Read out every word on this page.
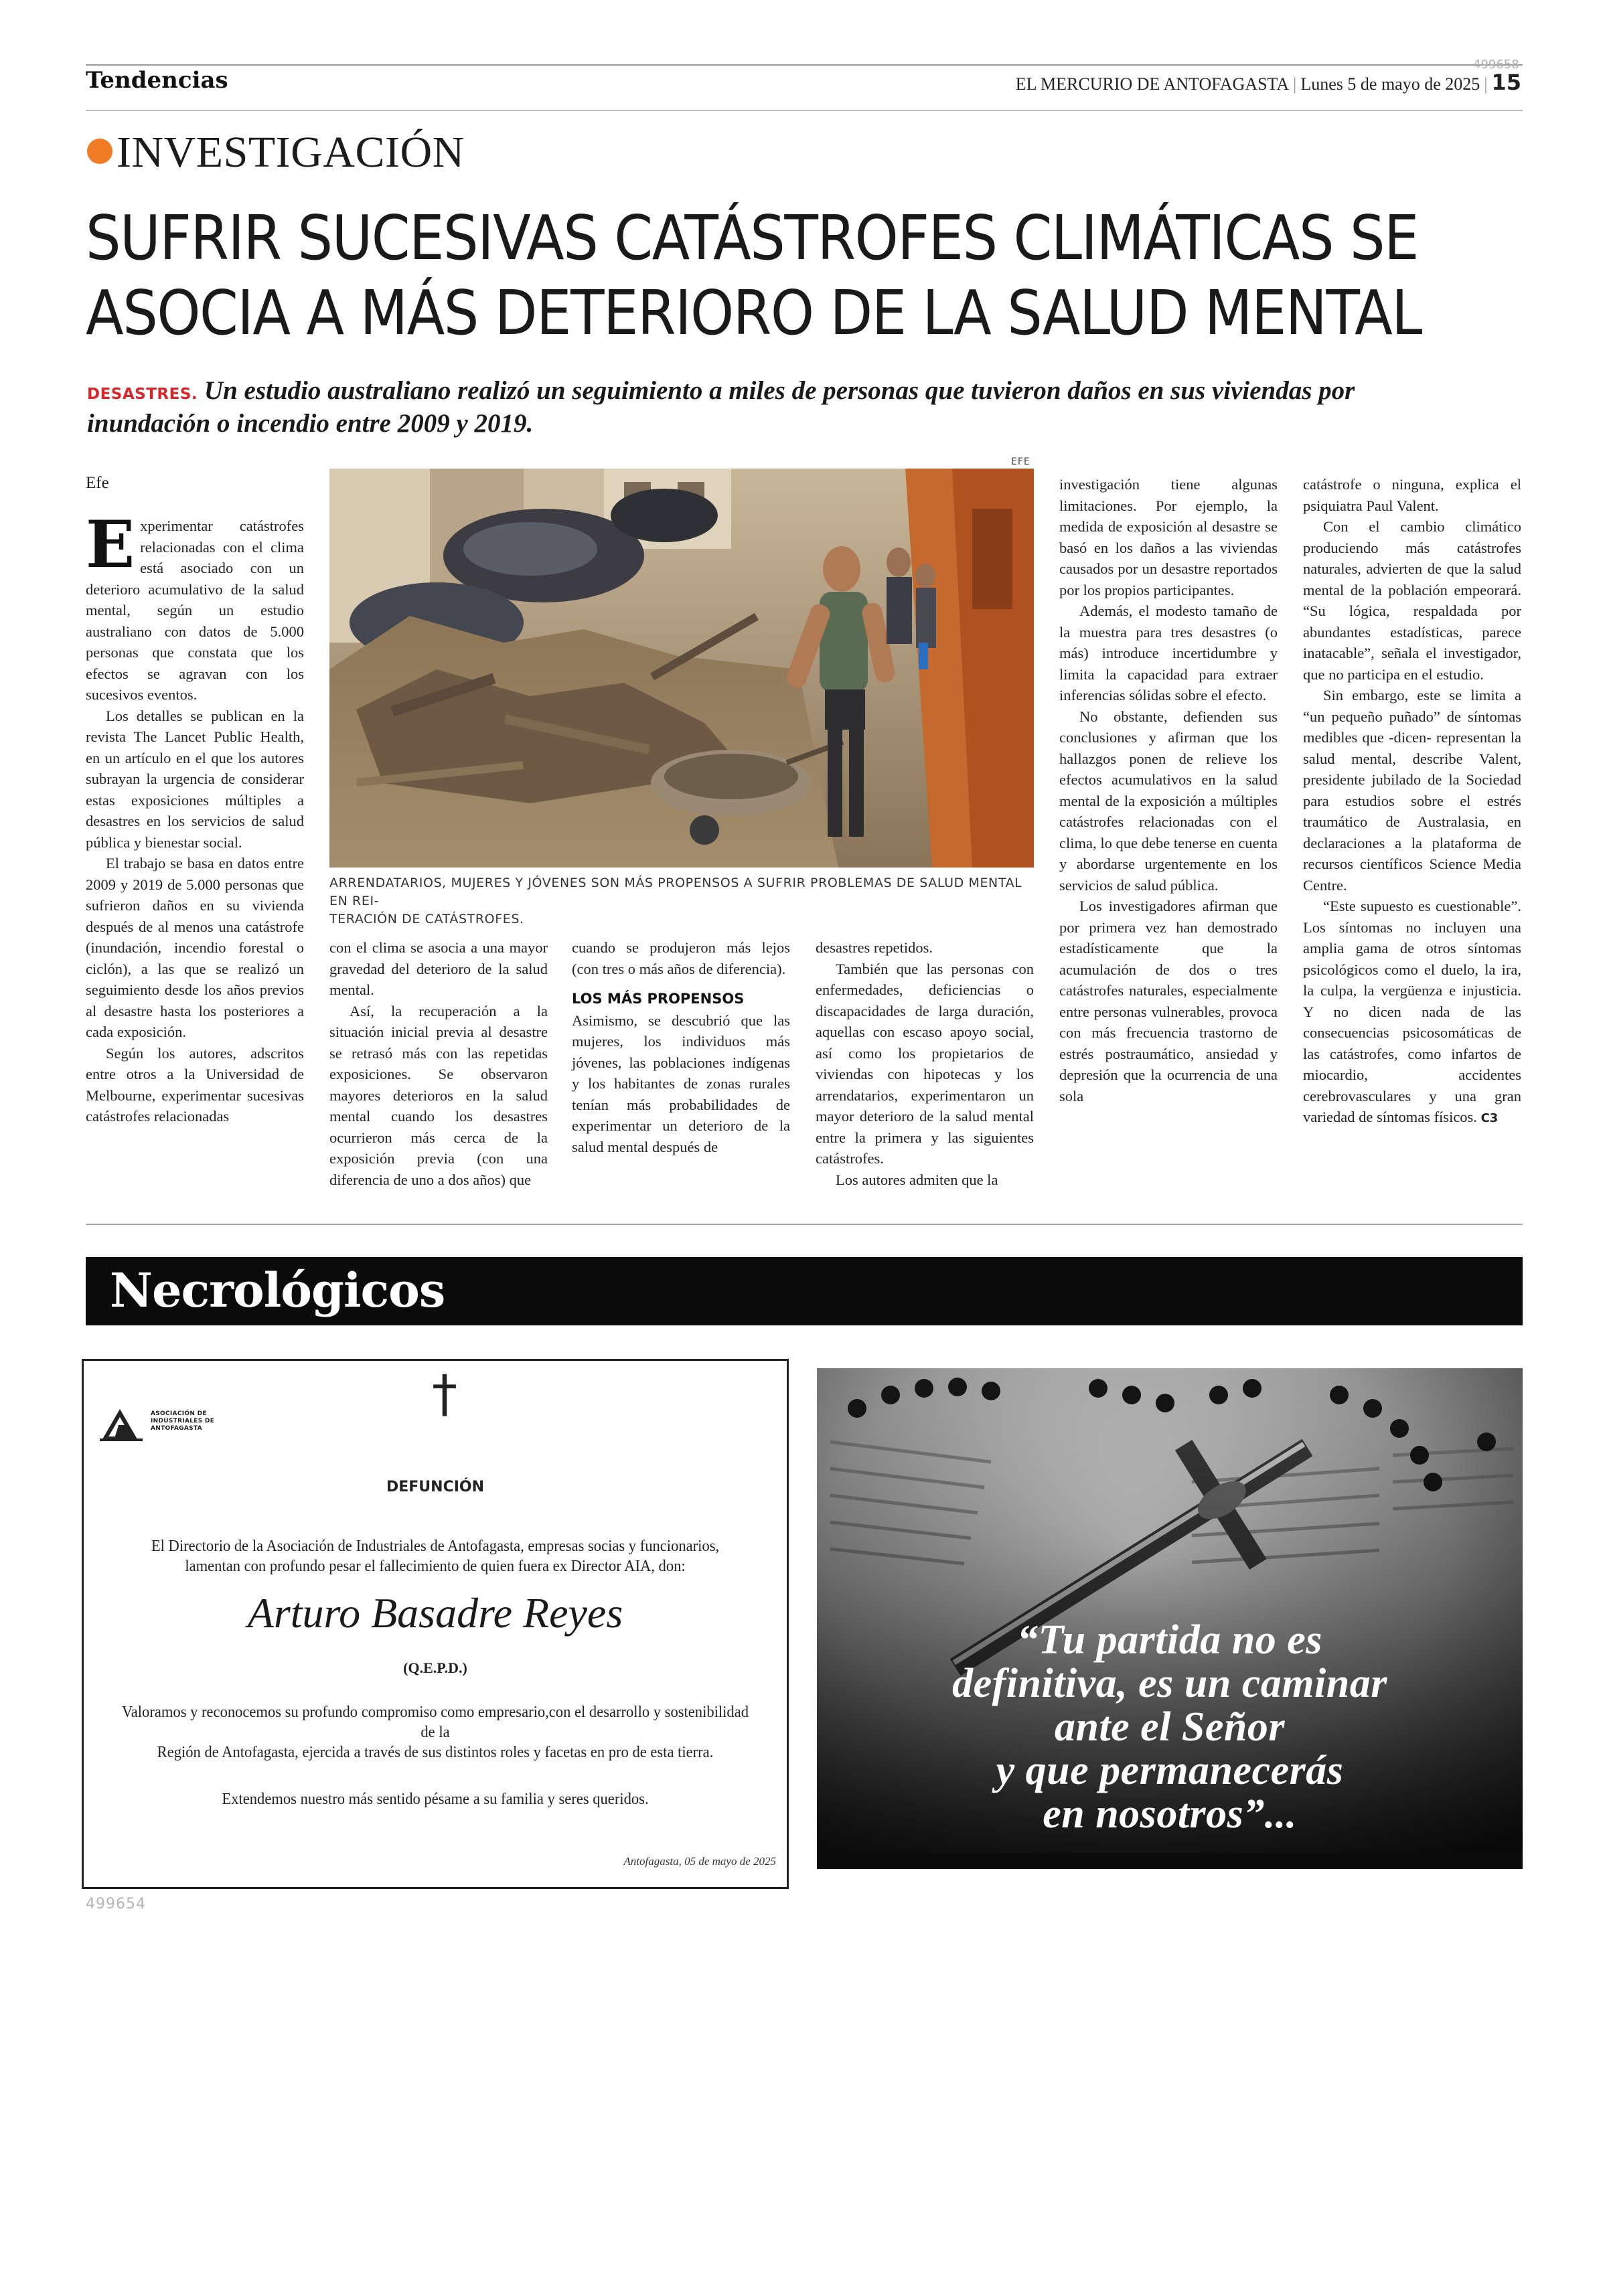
Tendencias
499658
EL MERCURIO DE ANTOFAGASTA | Lunes 5 de mayo de 2025 | 15
INVESTIGACIÓN
SUFRIR SUCESIVAS CATÁSTROFES CLIMÁTICAS SE
ASOCIA A MÁS DETERIORO DE LA SALUD MENTAL
DESASTRES. Un estudio australiano realizó un seguimiento a miles de personas que tuvieron daños en sus viviendas por
inundación o incendio entre 2009 y 2019.
EFE
ARRENDATARIOS, MUJERES Y JÓVENES SON MÁS PROPENSOS A SUFRIR PROBLEMAS DE SALUD MENTAL EN REI-
TERACIÓN DE CATÁSTROFES.
Efe

Experimentar catástrofes relacionadas con el clima está asociado con un deterioro acumulativo de la salud mental, según un estudio australiano con datos de 5.000 personas que constata que los efectos se agravan con los sucesivos eventos.

Los detalles se publican en la revista The Lancet Public Health, en un artículo en el que los autores subrayan la urgencia de considerar estas exposiciones múltiples a desastres en los servicios de salud pública y bienestar social.

El trabajo se basa en datos entre 2009 y 2019 de 5.000 personas que sufrieron daños en su vivienda después de al menos una catástrofe (inundación, incendio forestal o ciclón), a las que se realizó un seguimiento desde los años previos al desastre hasta los posteriores a cada exposición.

Según los autores, adscritos entre otros a la Universidad de Melbourne, experimentar sucesivas catástrofes relacionadas

con el clima se asocia a una mayor gravedad del deterioro de la salud mental.

Así, la recuperación a la situación inicial previa al desastre se retrasó más con las repetidas exposiciones. Se observaron mayores deterioros en la salud mental cuando los desastres ocurrieron más cerca de la exposición previa (con una diferencia de uno a dos años) que

cuando se produjeron más lejos (con tres o más años de diferencia).

LOS MÁS PROPENSOS

Asimismo, se descubrió que las mujeres, los individuos más jóvenes, las poblaciones indígenas y los habitantes de zonas rurales tenían más probabilidades de experimentar un deterioro de la salud mental después de

desastres repetidos.

También que las personas con enfermedades, deficiencias o discapacidades de larga duración, aquellas con escaso apoyo social, así como los propietarios de viviendas con hipotecas y los arrendatarios, experimentaron un mayor deterioro de la salud mental entre la primera y las siguientes catástrofes.

Los autores admiten que la

investigación tiene algunas limitaciones. Por ejemplo, la medida de exposición al desastre se basó en los daños a las viviendas causados por un desastre reportados por los propios participantes.

Además, el modesto tamaño de la muestra para tres desastres (o más) introduce incertidumbre y limita la capacidad para extraer inferencias sólidas sobre el efecto.

No obstante, defienden sus conclusiones y afirman que los hallazgos ponen de relieve los efectos acumulativos en la salud mental de la exposición a múltiples catástrofes relacionadas con el clima, lo que debe tenerse en cuenta y abordarse urgentemente en los servicios de salud pública.

Los investigadores afirman que por primera vez han demostrado estadísticamente que la acumulación de dos o tres catástrofes naturales, especialmente entre personas vulnerables, provoca con más frecuencia trastorno de estrés postraumático, ansiedad y depresión que la ocurrencia de una sola

catástrofe o ninguna, explica el psiquiatra Paul Valent.

Con el cambio climático produciendo más catástrofes naturales, advierten de que la salud mental de la población empeorará. “Su lógica, respaldada por abundantes estadísticas, parece inatacable”, señala el investigador, que no participa en el estudio.

Sin embargo, este se limita a “un pequeño puñado” de síntomas medibles que -dicen- representan la salud mental, describe Valent, presidente jubilado de la Sociedad para estudios sobre el estrés traumático de Australasia, en declaraciones a la plataforma de recursos científicos Science Media Centre.

“Este supuesto es cuestionable”. Los síntomas no incluyen una amplia gama de otros síntomas psicológicos como el duelo, la ira, la culpa, la vergüenza e injusticia. Y no dicen nada de las consecuencias psicosomáticas de las catástrofes, como infartos de miocardio, accidentes cerebrovasculares y una gran variedad de síntomas físicos. C3

Necrológicos
†
ASOCIACIÓN DE
INDUSTRIALES DE
ANTOFAGASTA
DEFUNCIÓN
El Directorio de la Asociación de Industriales de Antofagasta, empresas socias y funcionarios,
lamentan con profundo pesar el fallecimiento de quien fuera ex Director AIA, don:
Arturo Basadre Reyes
(Q.E.P.D.)
Valoramos y reconocemos su profundo compromiso como empresario,con el desarrollo y sostenibilidad de la
Región de Antofagasta, ejercida a través de sus distintos roles y facetas en pro de esta tierra.
Extendemos nuestro más sentido pésame a su familia y seres queridos.
Antofagasta, 05 de mayo de 2025
“Tu partida no es
definitiva, es un caminar
ante el Señor
y que permanecerás
en nosotros”...
499654
